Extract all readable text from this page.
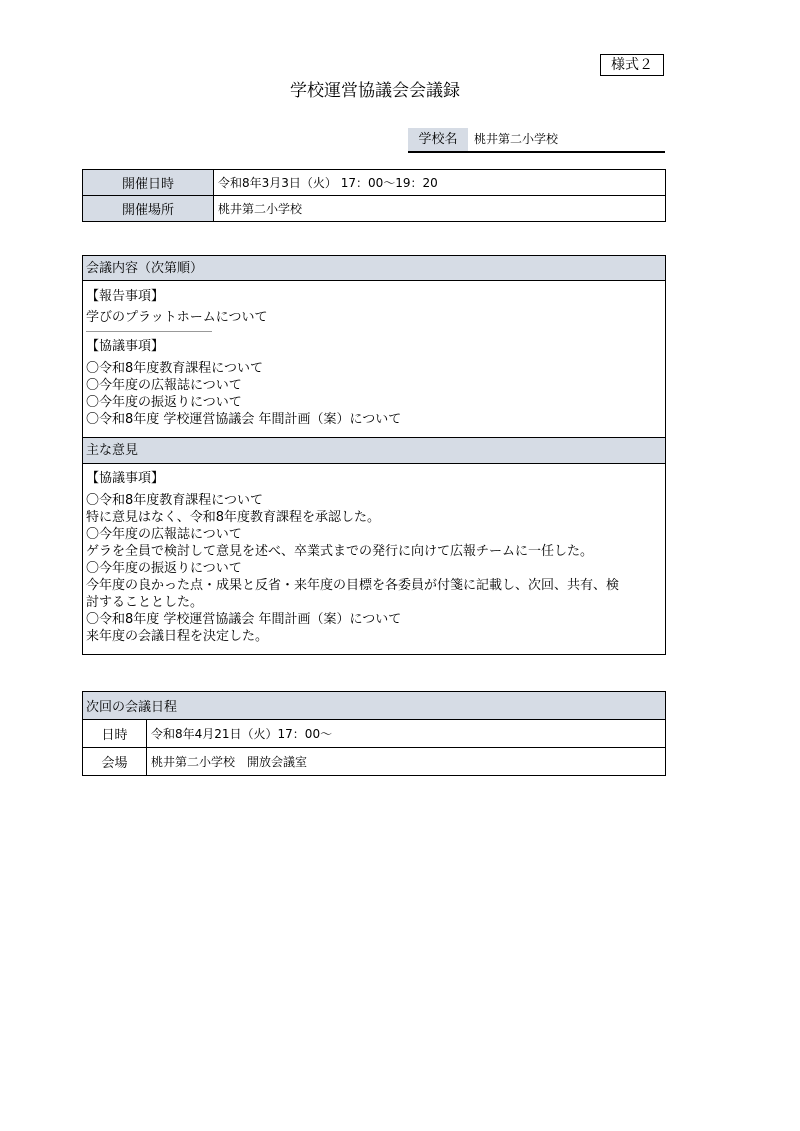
様式２
学校運営協議会会議録
学校名	桃井第二小学校
開催日時	令和8年3月3日（火） 17：00～19：20
開催場所	桃井第二小学校
会議内容（次第順）
【報告事項】
学びのプラットホームについて
【協議事項】
〇令和8年度教育課程について
〇今年度の広報誌について
〇今年度の振返りについて
〇令和8年度 学校運営協議会 年間計画（案）について
主な意見
【協議事項】
〇令和8年度教育課程について
特に意見はなく、令和8年度教育課程を承認した。
〇今年度の広報誌について
ゲラを全員で検討して意見を述べ、卒業式までの発行に向けて広報チームに一任した。
〇今年度の振返りについて
今年度の良かった点・成果と反省・来年度の目標を各委員が付箋に記載し、次回、共有、検
討することとした。
〇令和8年度 学校運営協議会 年間計画（案）について
来年度の会議日程を決定した。
次回の会議日程	
日時	令和8年4月21日（火）17：00～
会場	桃井第二小学校　開放会議室
